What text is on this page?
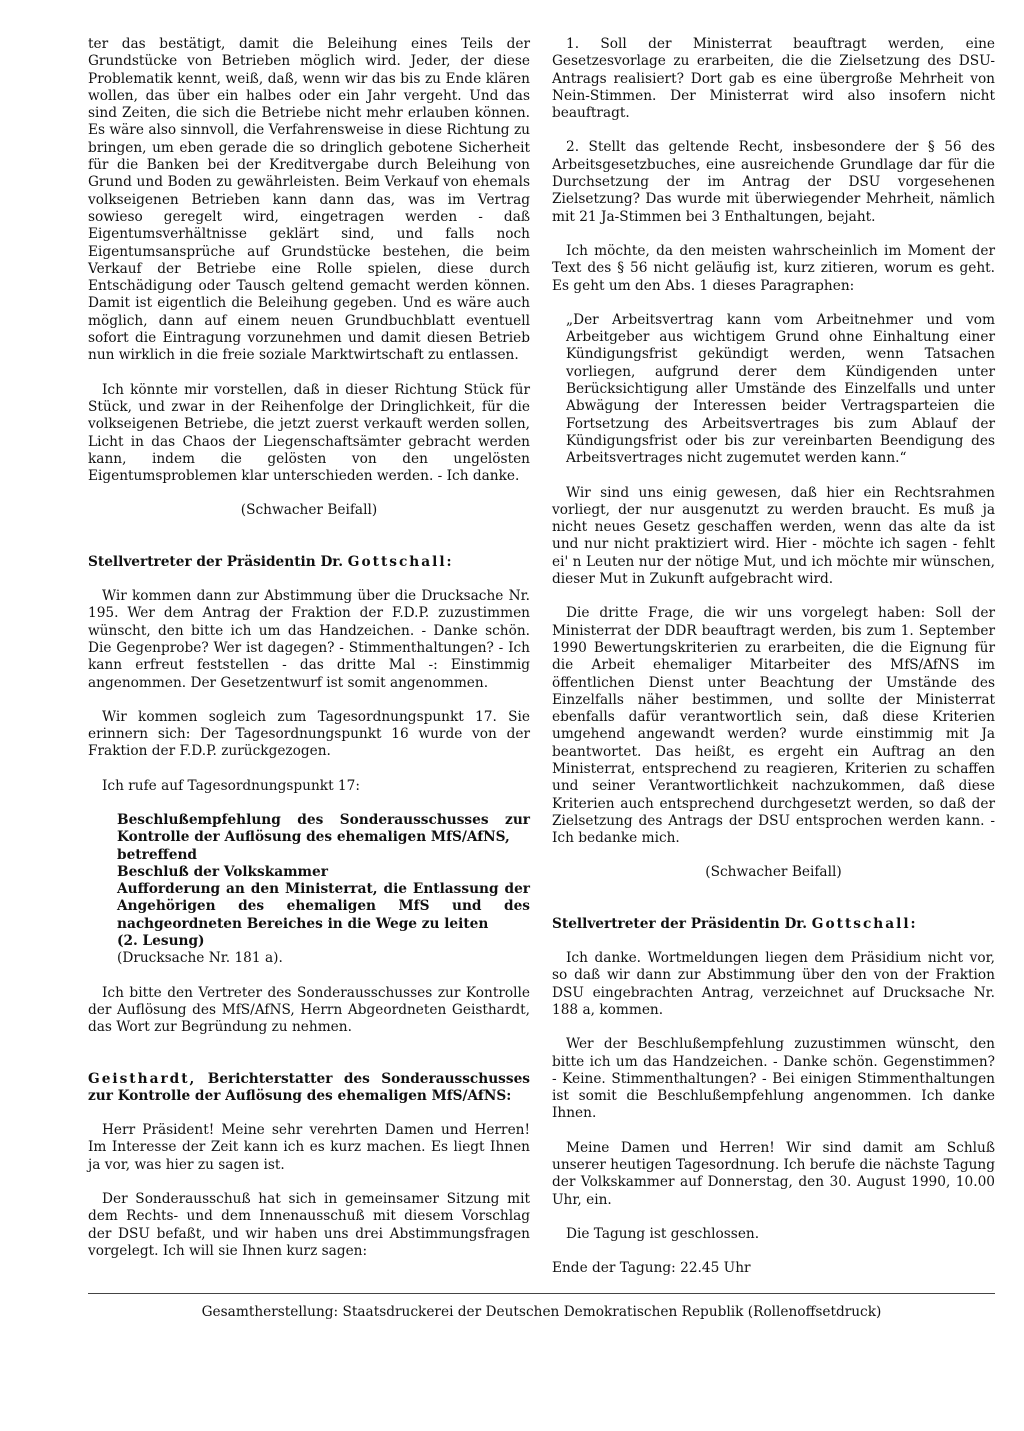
ter das bestätigt, damit die Beleihung eines Teils der Grundstücke von Betrieben möglich wird. Jeder, der diese Problematik kennt, weiß, daß, wenn wir das bis zu Ende klären wollen, das über ein halbes oder ein Jahr vergeht. Und das sind Zeiten, die sich die Betriebe nicht mehr erlauben können. Es wäre also sinnvoll, die Verfahrensweise in diese Richtung zu bringen, um eben gerade die so dringlich gebotene Sicherheit für die Banken bei der Kreditvergabe durch Beleihung von Grund und Boden zu gewährleisten. Beim Verkauf von ehemals volkseigenen Betrieben kann dann das, was im Vertrag sowieso geregelt wird, eingetragen werden - daß Eigentumsverhältnisse geklärt sind, und falls noch Eigentumsansprüche auf Grundstücke bestehen, die beim Verkauf der Betriebe eine Rolle spielen, diese durch Entschädigung oder Tausch geltend gemacht werden können. Damit ist eigentlich die Beleihung gegeben. Und es wäre auch möglich, dann auf einem neuen Grundbuchblatt eventuell sofort die Eintragung vorzunehmen und damit diesen Betrieb nun wirklich in die freie soziale Marktwirtschaft zu entlassen.

Ich könnte mir vorstellen, daß in dieser Richtung Stück für Stück, und zwar in der Reihenfolge der Dringlichkeit, für die volkseigenen Betriebe, die jetzt zuerst verkauft werden sollen, Licht in das Chaos der Liegenschaftsämter gebracht werden kann, indem die gelösten von den ungelösten Eigentumsproblemen klar unterschieden werden. - Ich danke.

(Schwacher Beifall)

Stellvertreter der Präsidentin Dr. Gottschall:

Wir kommen dann zur Abstimmung über die Drucksache Nr. 195. Wer dem Antrag der Fraktion der F.D.P. zuzustimmen wünscht, den bitte ich um das Handzeichen. - Danke schön. Die Gegenprobe? Wer ist dagegen? - Stimmenthaltungen? - Ich kann erfreut feststellen - das dritte Mal -: Einstimmig angenommen. Der Gesetzentwurf ist somit angenommen.

Wir kommen sogleich zum Tagesordnungspunkt 17. Sie erinnern sich: Der Tagesordnungspunkt 16 wurde von der Fraktion der F.D.P. zurückgezogen.

Ich rufe auf Tagesordnungspunkt 17:

Beschlußempfehlung des Sonderausschusses zur Kontrolle der Auflösung des ehemaligen MfS/AfNS,

betreffend

Beschluß der Volkskammer

Aufforderung an den Ministerrat, die Entlassung der Angehörigen des ehemaligen MfS und des nachgeordneten Bereiches in die Wege zu leiten

(2. Lesung)

(Drucksache Nr. 181 a).

Ich bitte den Vertreter des Sonderausschusses zur Kontrolle der Auflösung des MfS/AfNS, Herrn Abgeordneten Geisthardt, das Wort zur Begründung zu nehmen.

Geisthardt, Berichterstatter des Sonderausschusses zur Kontrolle der Auflösung des ehemaligen MfS/AfNS:

Herr Präsident! Meine sehr verehrten Damen und Herren! Im Interesse der Zeit kann ich es kurz machen. Es liegt Ihnen ja vor, was hier zu sagen ist.

Der Sonderausschuß hat sich in gemeinsamer Sitzung mit dem Rechts- und dem Innenausschuß mit diesem Vorschlag der DSU befaßt, und wir haben uns drei Abstimmungsfragen vorgelegt. Ich will sie Ihnen kurz sagen:

1. Soll der Ministerrat beauftragt werden, eine Gesetzesvorlage zu erarbeiten, die die Zielsetzung des DSU-Antrags realisiert? Dort gab es eine übergroße Mehrheit von Nein-Stimmen. Der Ministerrat wird also insofern nicht beauftragt.

2. Stellt das geltende Recht, insbesondere der § 56 des Arbeitsgesetzbuches, eine ausreichende Grundlage dar für die Durchsetzung der im Antrag der DSU vorgesehenen Zielsetzung? Das wurde mit überwiegender Mehrheit, nämlich mit 21 Ja-Stimmen bei 3 Enthaltungen, bejaht.

Ich möchte, da den meisten wahrscheinlich im Moment der Text des § 56 nicht geläufig ist, kurz zitieren, worum es geht. Es geht um den Abs. 1 dieses Paragraphen:

„Der Arbeitsvertrag kann vom Arbeitnehmer und vom Arbeitgeber aus wichtigem Grund ohne Einhaltung einer Kündigungsfrist gekündigt werden, wenn Tatsachen vorliegen, aufgrund derer dem Kündigenden unter Berücksichtigung aller Umstände des Einzelfalls und unter Abwägung der Interessen beider Vertragsparteien die Fortsetzung des Arbeitsvertrages bis zum Ablauf der Kündigungsfrist oder bis zur vereinbarten Beendigung des Arbeitsvertrages nicht zugemutet werden kann.“

Wir sind uns einig gewesen, daß hier ein Rechtsrahmen vorliegt, der nur ausgenutzt zu werden braucht. Es muß ja nicht neues Gesetz geschaffen werden, wenn das alte da ist und nur nicht praktiziert wird. Hier - möchte ich sagen - fehlt ei' n Leuten nur der nötige Mut, und ich möchte mir wünschen, dieser Mut in Zukunft aufgebracht wird.

Die dritte Frage, die wir uns vorgelegt haben: Soll der Ministerrat der DDR beauftragt werden, bis zum 1. September 1990 Bewertungskriterien zu erarbeiten, die die Eignung für die Arbeit ehemaliger Mitarbeiter des MfS/AfNS im öffentlichen Dienst unter Beachtung der Umstände des Einzelfalls näher bestimmen, und sollte der Ministerrat ebenfalls dafür verantwortlich sein, daß diese Kriterien umgehend angewandt werden? wurde einstimmig mit Ja beantwortet. Das heißt, es ergeht ein Auftrag an den Ministerrat, entsprechend zu reagieren, Kriterien zu schaffen und seiner Verantwortlichkeit nachzukommen, daß diese Kriterien auch entsprechend durchgesetzt werden, so daß der Zielsetzung des Antrags der DSU entsprochen werden kann. - Ich bedanke mich.

(Schwacher Beifall)

Stellvertreter der Präsidentin Dr. Gottschall:

Ich danke. Wortmeldungen liegen dem Präsidium nicht vor, so daß wir dann zur Abstimmung über den von der Fraktion DSU eingebrachten Antrag, verzeichnet auf Drucksache Nr. 188 a, kommen.

Wer der Beschlußempfehlung zuzustimmen wünscht, den bitte ich um das Handzeichen. - Danke schön. Gegenstimmen? - Keine. Stimmenthaltungen? - Bei einigen Stimmenthaltungen ist somit die Beschlußempfehlung angenommen. Ich danke Ihnen.

Meine Damen und Herren! Wir sind damit am Schluß unserer heutigen Tagesordnung. Ich berufe die nächste Tagung der Volkskammer auf Donnerstag, den 30. August 1990, 10.00 Uhr, ein.

Die Tagung ist geschlossen.

Ende der Tagung: 22.45 Uhr

Gesamtherstellung: Staatsdruckerei der Deutschen Demokratischen Republik (Rollenoffsetdruck)
